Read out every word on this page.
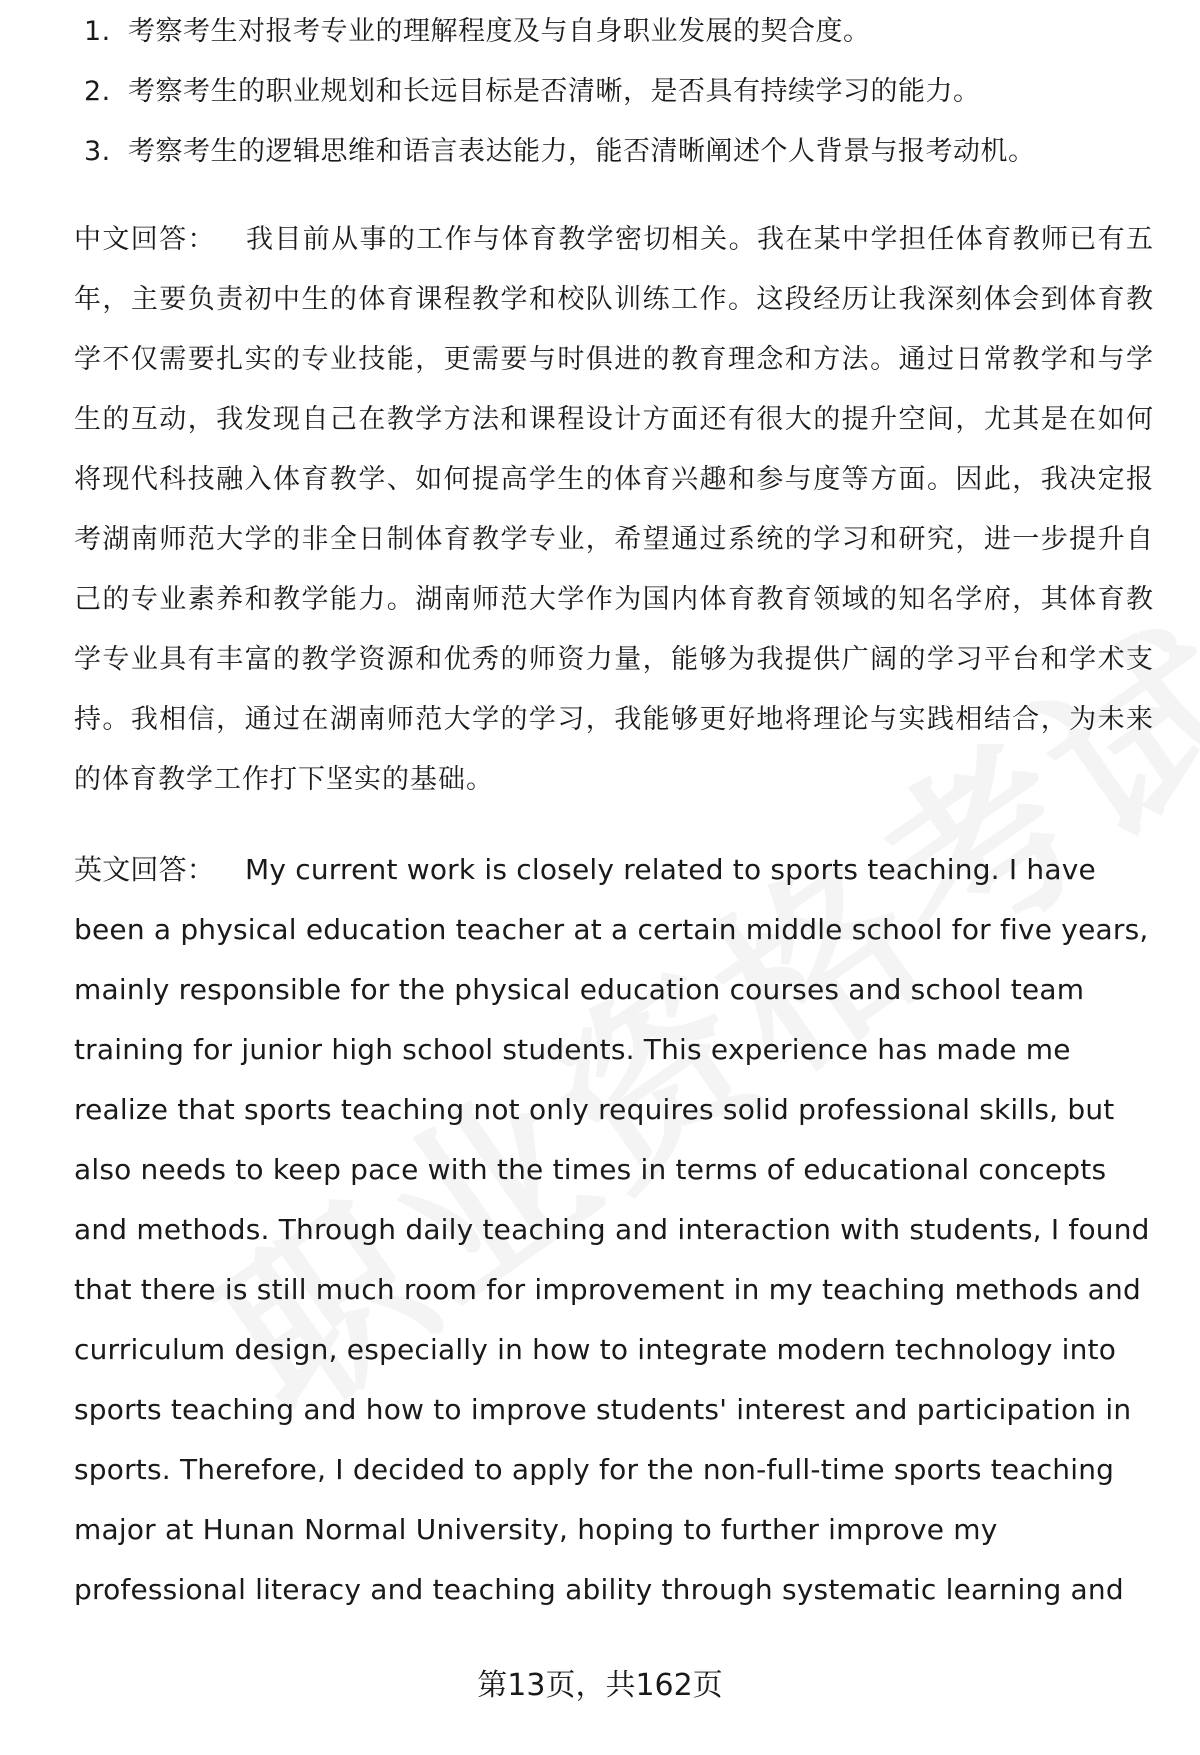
1. 考察考生对报考专业的理解程度及与自身职业发展的契合度。
2. 考察考生的职业规划和长远目标是否清晰，是否具有持续学习的能力。
3. 考察考生的逻辑思维和语言表达能力，能否清晰阐述个人背景与报考动机。

中文回答： 我目前从事的工作与体育教学密切相关。我在某中学担任体育教师已有五年，主要负责初中生的体育课程教学和校队训练工作。这段经历让我深刻体会到体育教学不仅需要扎实的专业技能，更需要与时俱进的教育理念和方法。通过日常教学和与学生的互动，我发现自己在教学方法和课程设计方面还有很大的提升空间，尤其是在如何将现代科技融入体育教学、如何提高学生的体育兴趣和参与度等方面。因此，我决定报考湖南师范大学的非全日制体育教学专业，希望通过系统的学习和研究，进一步提升自己的专业素养和教学能力。湖南师范大学作为国内体育教育领域的知名学府，其体育教学专业具有丰富的教学资源和优秀的师资力量，能够为我提供广阔的学习平台和学术支持。我相信，通过在湖南师范大学的学习，我能够更好地将理论与实践相结合，为未来的体育教学工作打下坚实的基础。

英文回答： My current work is closely related to sports teaching. I have been a physical education teacher at a certain middle school for five years, mainly responsible for the physical education courses and school team training for junior high school students. This experience has made me realize that sports teaching not only requires solid professional skills, but also needs to keep pace with the times in terms of educational concepts and methods. Through daily teaching and interaction with students, I found that there is still much room for improvement in my teaching methods and curriculum design, especially in how to integrate modern technology into sports teaching and how to improve students' interest and participation in sports. Therefore, I decided to apply for the non-full-time sports teaching major at Hunan Normal University, hoping to further improve my professional literacy and teaching ability through systematic learning and

第13页，共162页
